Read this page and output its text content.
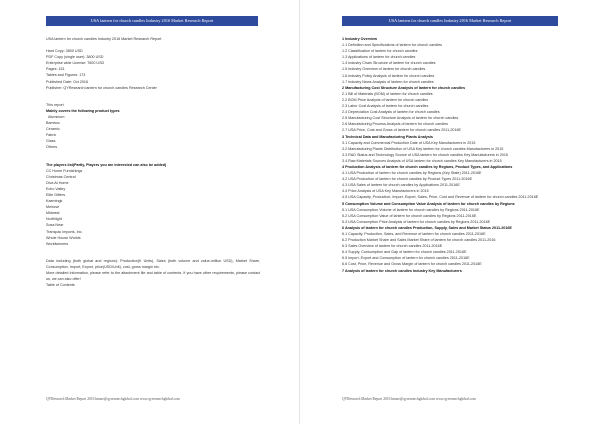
USA lantern for church candles Industry 2016 Market Research Report
USA lantern for church candles Industry 2016 Market Research Report
Hard Copy: 3800 USD
PDF Copy (single user): 3800 USD
Enterprise wide License: 7600 USD
Pages: 151
Tables and Figures: 173
Published Date: Oct 2016
Publisher: QYResearch lantern for church candles Research Center
This report
Mainly covers the following product types
Aluminum
Bamboo
Ceramic
Fabric
Glass
Others
The players list(Partly, Players you are interested can also be added)
CC Home Furnishings
Christmas Central
Diva At Home
Echo Valley
Elite Gifters
Kaemingk
Melrose
Midwest
Northlight
Sosa Near
Transpac Imports, Inc.
Whole House Worlds
Worldwinners
Data including (both global and regions): Production(K Units), Sales (both volume and value-million USD), Market Share, Consumption, Import, Export, price(USD/Unit), cost, gross margin etc.
More detailed information, please refer to the attachment file and table of contents. If you have other requirements, please contact us, we can also offer!
Table of Contents
QYResearch Market Report 2016 hmarr@qyresearchglobal.com www.qyresearchglobal.com
USA lantern for church candles Industry 2016 Market Research Report
1 Industry Overview
1.1 Definition and Specifications of lantern for church candles
1.2 Classification of lantern for church candles
1.3 Applications of lantern for church candles
1.4 Industry Chain Structure of lantern for church candles
1.5 Industry Overview of lantern for church candles
1.6 Industry Policy Analysis of lantern for church candles
1.7 Industry News Analysis of lantern for church candles
2 Manufacturing Cost Structure Analysis of lantern for church candles
2.1 Bill of Materials (BOM) of lantern for church candles
2.2 BOM Price Analysis of lantern for church candles
2.3 Labor Cost Analysis of lantern for church candles
2.4 Depreciation Cost Analysis of lantern for church candles
2.5 Manufacturing Cost Structure Analysis of lantern for church candles
2.6 Manufacturing Process Analysis of lantern for church candles
2.7 USA Price, Cost and Gross of lantern for church candles 2011-2016E
3 Technical Data and Manufacturing Plants Analysis
3.1 Capacity and Commercial Production Date of USA Key Manufacturers in 2015
3.2 Manufacturing Plants Distribution of USA Key lantern for church candles Manufacturers in 2015
3.3 R&D Status and Technology Source of USA lantern for church candles Key Manufacturers in 2015
3.4 Raw Materials Sources Analysis of USA lantern for church candles Key Manufacturers in 2015
4 Production Analysis of lantern for church candles by Regions, Product Types, and Applications
4.1 USA Production of lantern for church candles by Regions (Key State) 2011-2016E
4.2 USA Production of lantern for church candles by Product Types 2011-2016E
4.3 USA Sales of lantern for church candles by Applications 2011-2016E
4.4 Price Analysis of USA Key Manufacturers in 2015
4.5 USA Capacity, Production, Import, Export, Sales, Price, Cost and Revenue of lantern for church candles 2011-2016E
5 Consumption Volume and Consumption Value Analysis of lantern for church candles by Regions
5.1 USA Consumption Volume of lantern for church candles by Regions 2011-2016E
5.2 USA Consumption Value of lantern for church candles by Regions 2011-2016E
5.3 USA Consumption Price Analysis of lantern for church candles by Regions 2011-2016E
6 Analysis of lantern for church candles Production, Supply, Sales and Market Status 2011-2016E
6.1 Capacity, Production, Sales, and Revenue of lantern for church candles 2011-2016E
6.2 Production Market Share and Sales Market Share of lantern for church candles 2011-2016
6.3 Sales Overview of lantern for church candles 2011-2016E
6.4 Supply, Consumption and Gap of lantern for church candles 2011-2016E
6.5 Import, Export and Consumption of lantern for church candles 2011-2016E
6.6 Cost, Price, Revenue and Gross Margin of lantern for church candles 2011-2016E
7 Analysis of lantern for church candles Industry Key Manufacturers
QYResearch Market Report 2016 hmarr@qyresearchglobal.com www.qyresearchglobal.com
